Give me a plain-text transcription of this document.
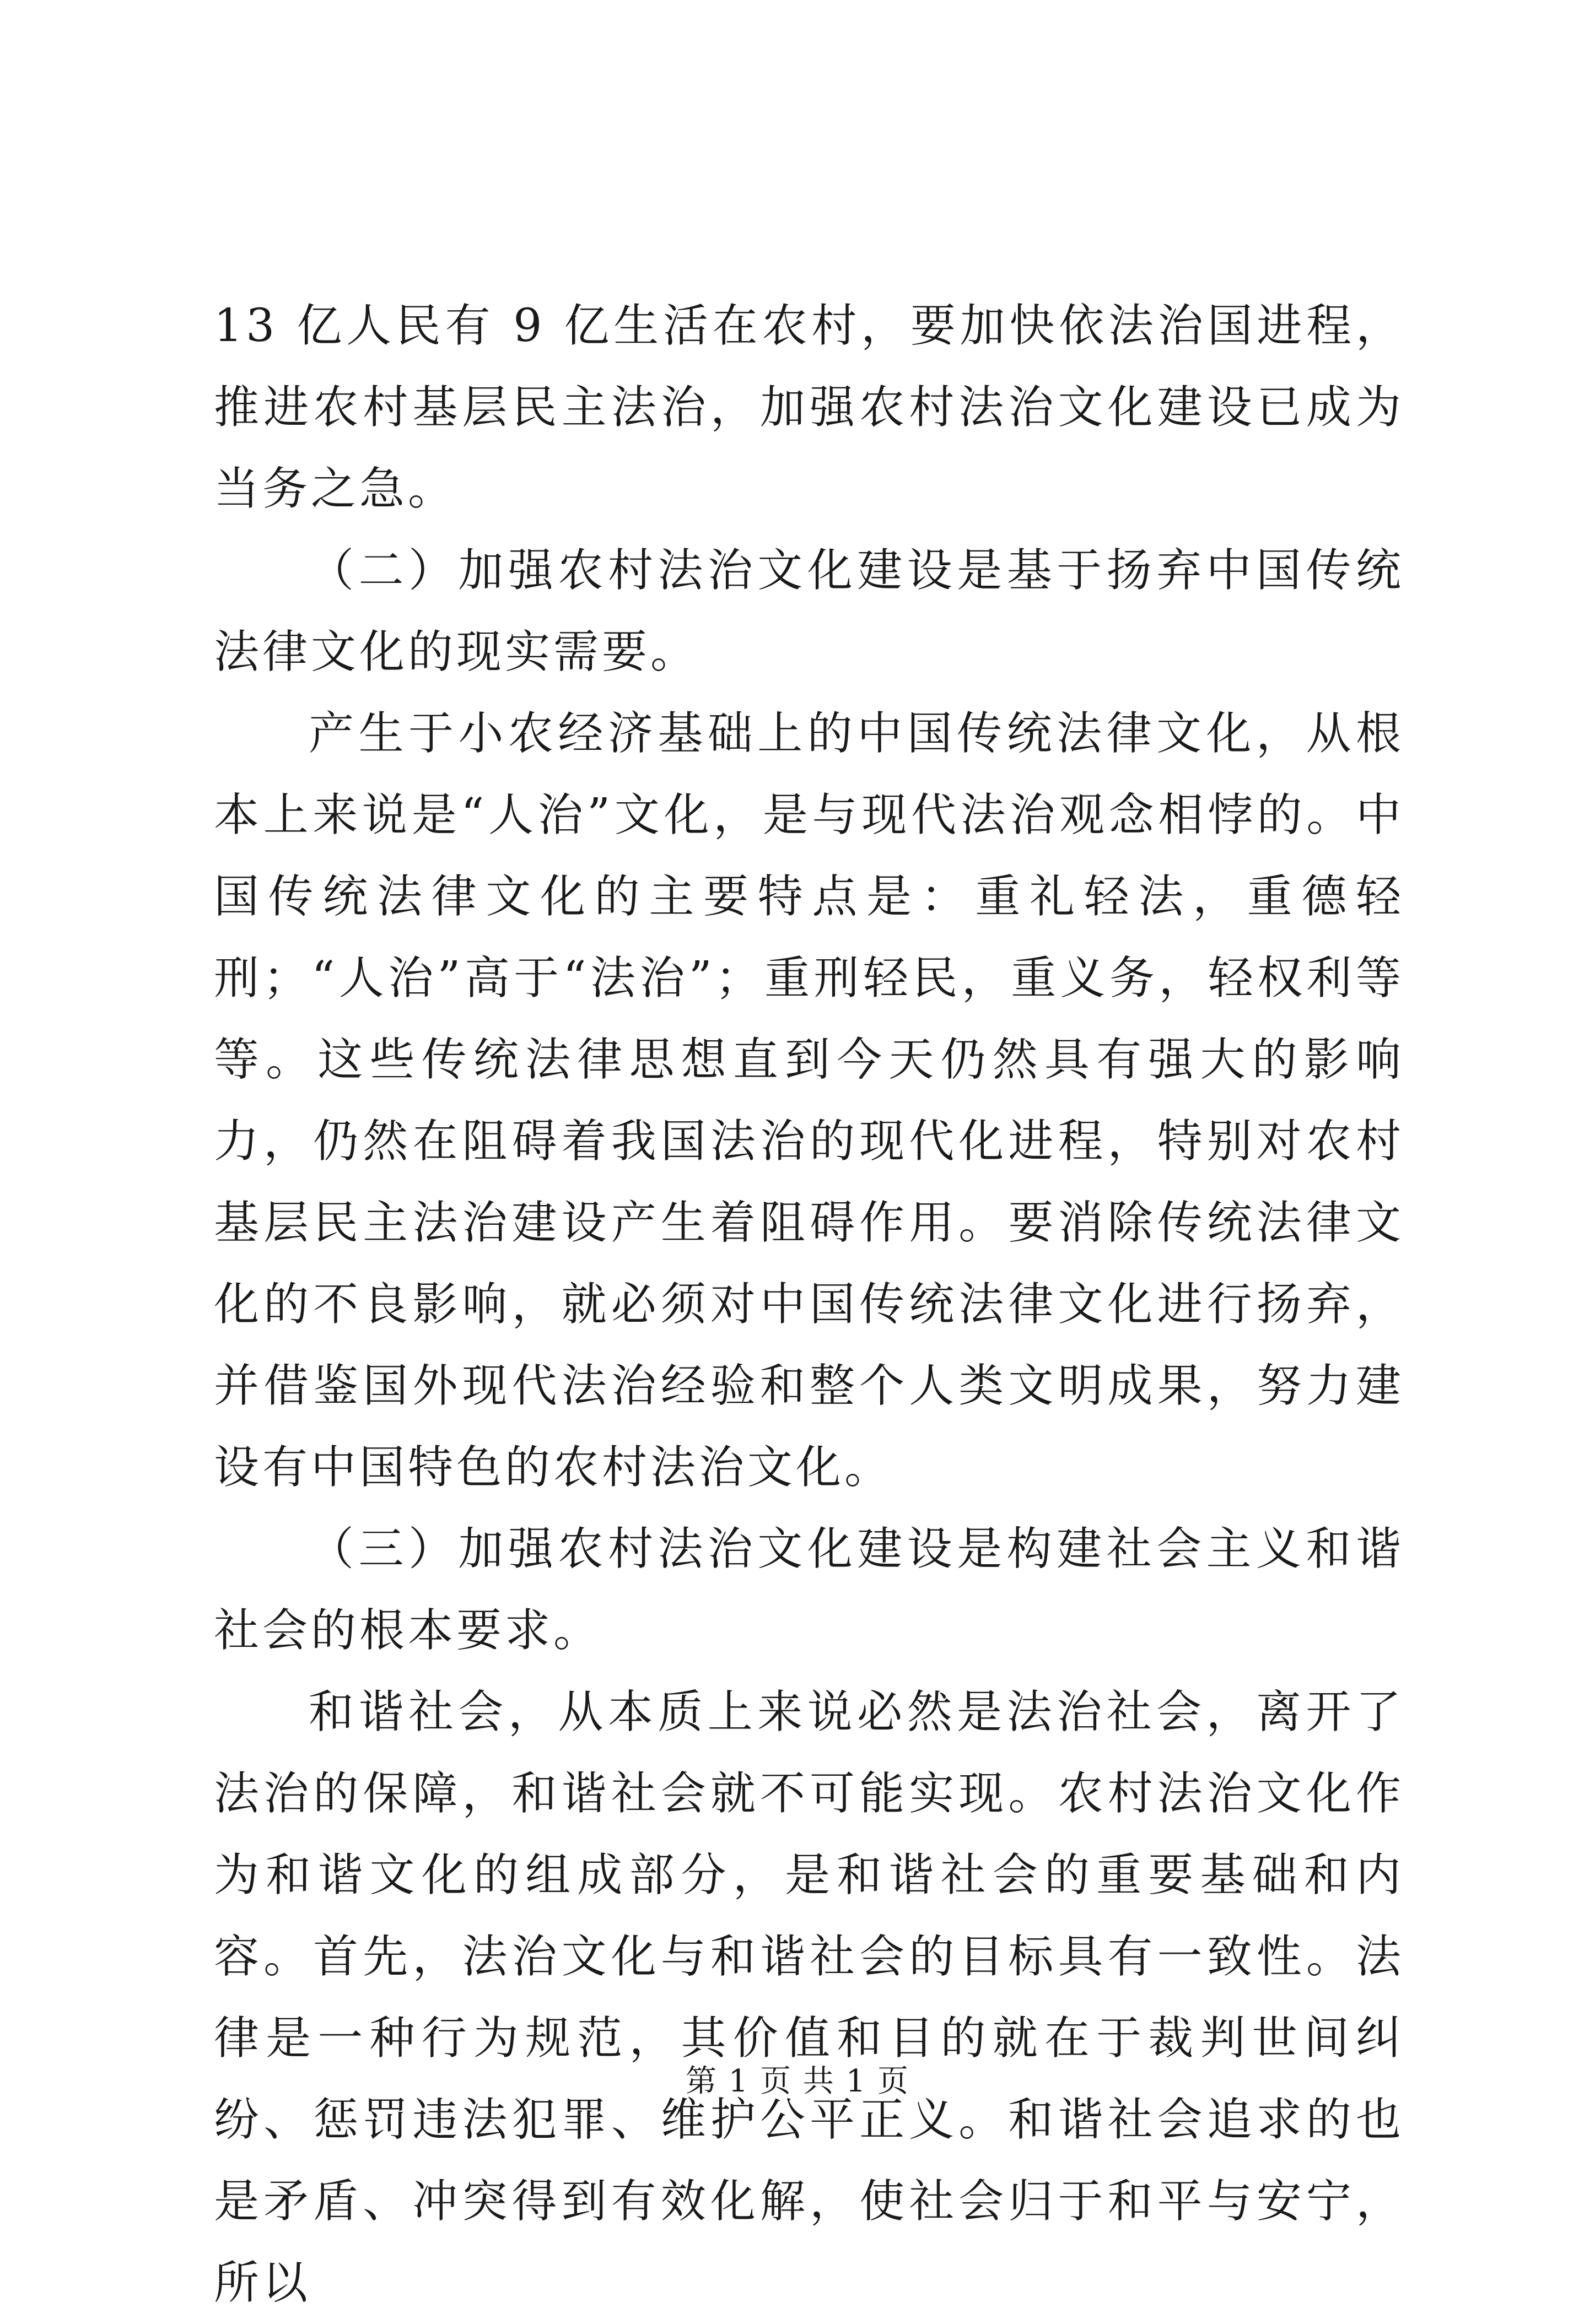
13 亿人民有 9 亿生活在农村，要加快依法治国进程，推进农村基层民主法治，加强农村法治文化建设已成为当务之急。

（二）加强农村法治文化建设是基于扬弃中国传统法律文化的现实需要。

产生于小农经济基础上的中国传统法律文化，从根本上来说是“人治”文化，是与现代法治观念相悖的。中国传统法律文化的主要特点是：重礼轻法，重德轻刑；“人治”高于“法治”；重刑轻民，重义务，轻权利等等。这些传统法律思想直到今天仍然具有强大的影响力，仍然在阻碍着我国法治的现代化进程，特别对农村基层民主法治建设产生着阻碍作用。要消除传统法律文化的不良影响，就必须对中国传统法律文化进行扬弃，并借鉴国外现代法治经验和整个人类文明成果，努力建设有中国特色的农村法治文化。

（三）加强农村法治文化建设是构建社会主义和谐社会的根本要求。

和谐社会，从本质上来说必然是法治社会，离开了法治的保障，和谐社会就不可能实现。农村法治文化作为和谐文化的组成部分，是和谐社会的重要基础和内容。首先，法治文化与和谐社会的目标具有一致性。法律是一种行为规范，其价值和目的就在于裁判世间纠纷、惩罚违法犯罪、维护公平正义。和谐社会追求的也是矛盾、冲突得到有效化解，使社会归于和平与安宁，所以

第 1 页 共 1 页
